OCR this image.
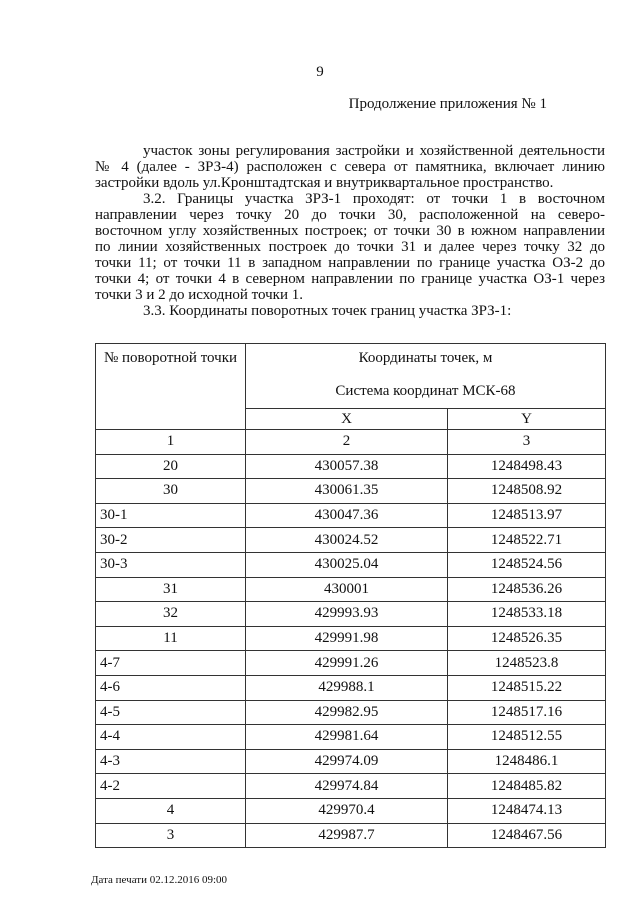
9
Продолжение приложения № 1
участок зоны регулирования застройки и хозяйственной деятельности
№ 4 (далее - ЗРЗ-4) расположен с севера от памятника, включает линию
застройки вдоль ул.Кронштадтская и внутриквартальное пространство.
3.2. Границы участка ЗРЗ-1 проходят: от точки 1 в восточном
направлении через точку 20 до точки 30, расположенной на северо-
восточном углу хозяйственных построек; от точки 30 в южном направлении
по линии хозяйственных построек до точки 31 и далее через точку 32 до
точки 11; от точки 11 в западном направлении по границе участка ОЗ-2 до
точки 4; от точки 4 в северном направлении по границе участка ОЗ-1 через
точки 3 и 2 до исходной точки 1.
3.3. Координаты поворотных точек границ участка ЗРЗ-1:
№ поворотной точки	Координаты точек, м
Система координат МСК-68	

	X	Y
1	2	3
20	430057.38	1248498.43
30	430061.35	1248508.92
30-1	430047.36	1248513.97
30-2	430024.52	1248522.71
30-3	430025.04	1248524.56
31	430001	1248536.26
32	429993.93	1248533.18
11	429991.98	1248526.35
4-7	429991.26	1248523.8
4-6	429988.1	1248515.22
4-5	429982.95	1248517.16
4-4	429981.64	1248512.55
4-3	429974.09	1248486.1
4-2	429974.84	1248485.82
4	429970.4	1248474.13
3	429987.7	1248467.56
Дата печати 02.12.2016 09:00
